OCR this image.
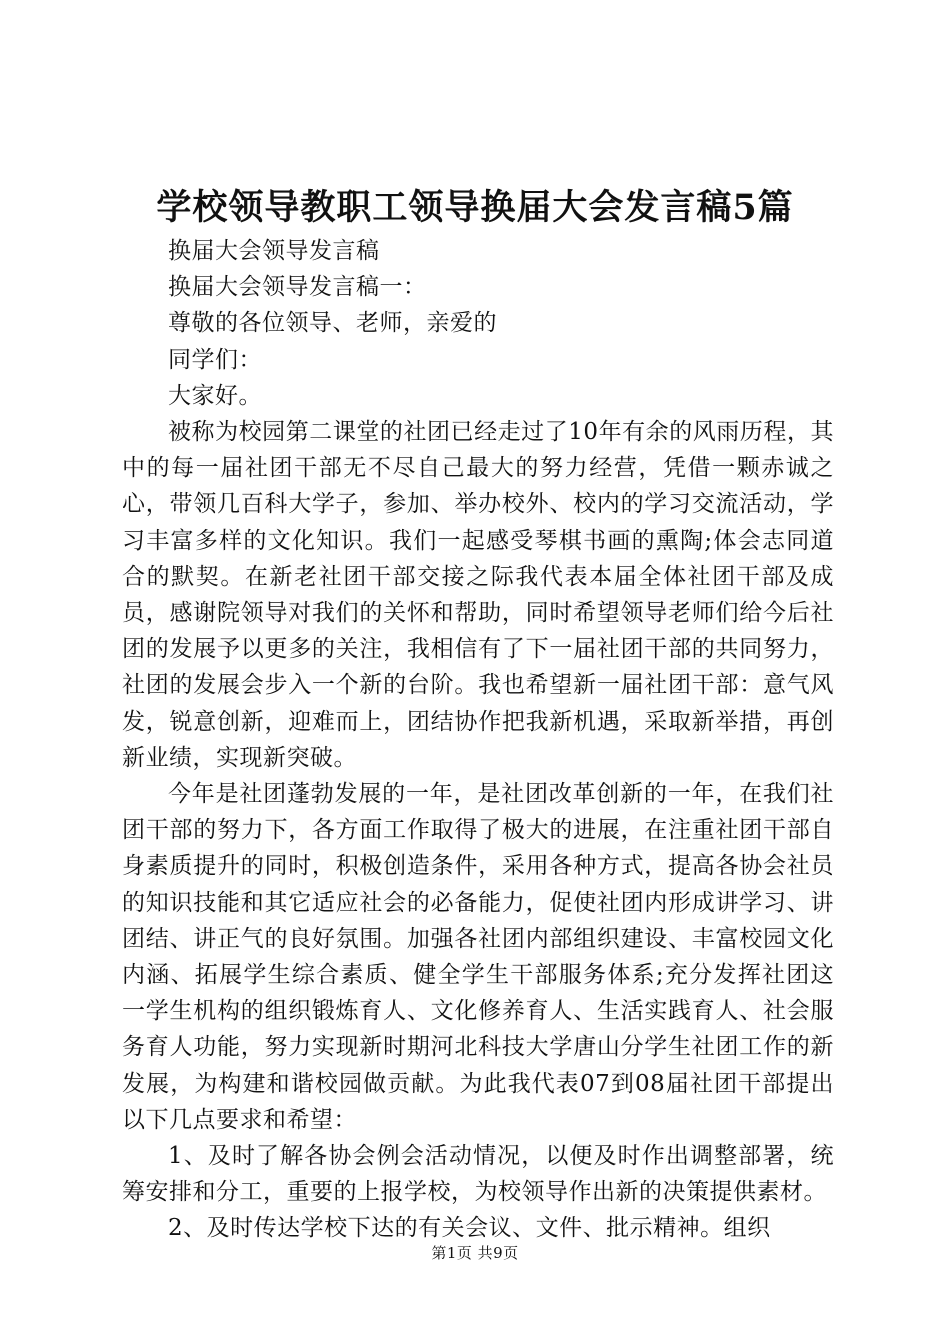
学校领导教职工领导换届大会发言稿5篇

换届大会领导发言稿

换届大会领导发言稿一：

尊敬的各位领导、老师，亲爱的

同学们：

大家好。

被称为校园第二课堂的社团已经走过了10年有余的风雨历程，其中的每一届社团干部无不尽自己最大的努力经营，凭借一颗赤诚之心，带领几百科大学子，参加、举办校外、校内的学习交流活动，学习丰富多样的文化知识。我们一起感受琴棋书画的熏陶;体会志同道合的默契。在新老社团干部交接之际我代表本届全体社团干部及成员，感谢院领导对我们的关怀和帮助，同时希望领导老师们给今后社团的发展予以更多的关注，我相信有了下一届社团干部的共同努力，社团的发展会步入一个新的台阶。我也希望新一届社团干部：意气风发，锐意创新，迎难而上，团结协作把我新机遇，采取新举措，再创新业绩，实现新突破。

今年是社团蓬勃发展的一年，是社团改革创新的一年，在我们社团干部的努力下，各方面工作取得了极大的进展，在注重社团干部自身素质提升的同时，积极创造条件，采用各种方式，提高各协会社员的知识技能和其它适应社会的必备能力，促使社团内形成讲学习、讲团结、讲正气的良好氛围。加强各社团内部组织建设、丰富校园文化内涵、拓展学生综合素质、健全学生干部服务体系;充分发挥社团这一学生机构的组织锻炼育人、文化修养育人、生活实践育人、社会服务育人功能，努力实现新时期河北科技大学唐山分学生社团工作的新发展，为构建和谐校园做贡献。为此我代表07到08届社团干部提出以下几点要求和希望：

1、及时了解各协会例会活动情况，以便及时作出调整部署，统筹安排和分工，重要的上报学校，为校领导作出新的决策提供素材。

2、及时传达学校下达的有关会议、文件、批示精神。组织

第1页 共9页
